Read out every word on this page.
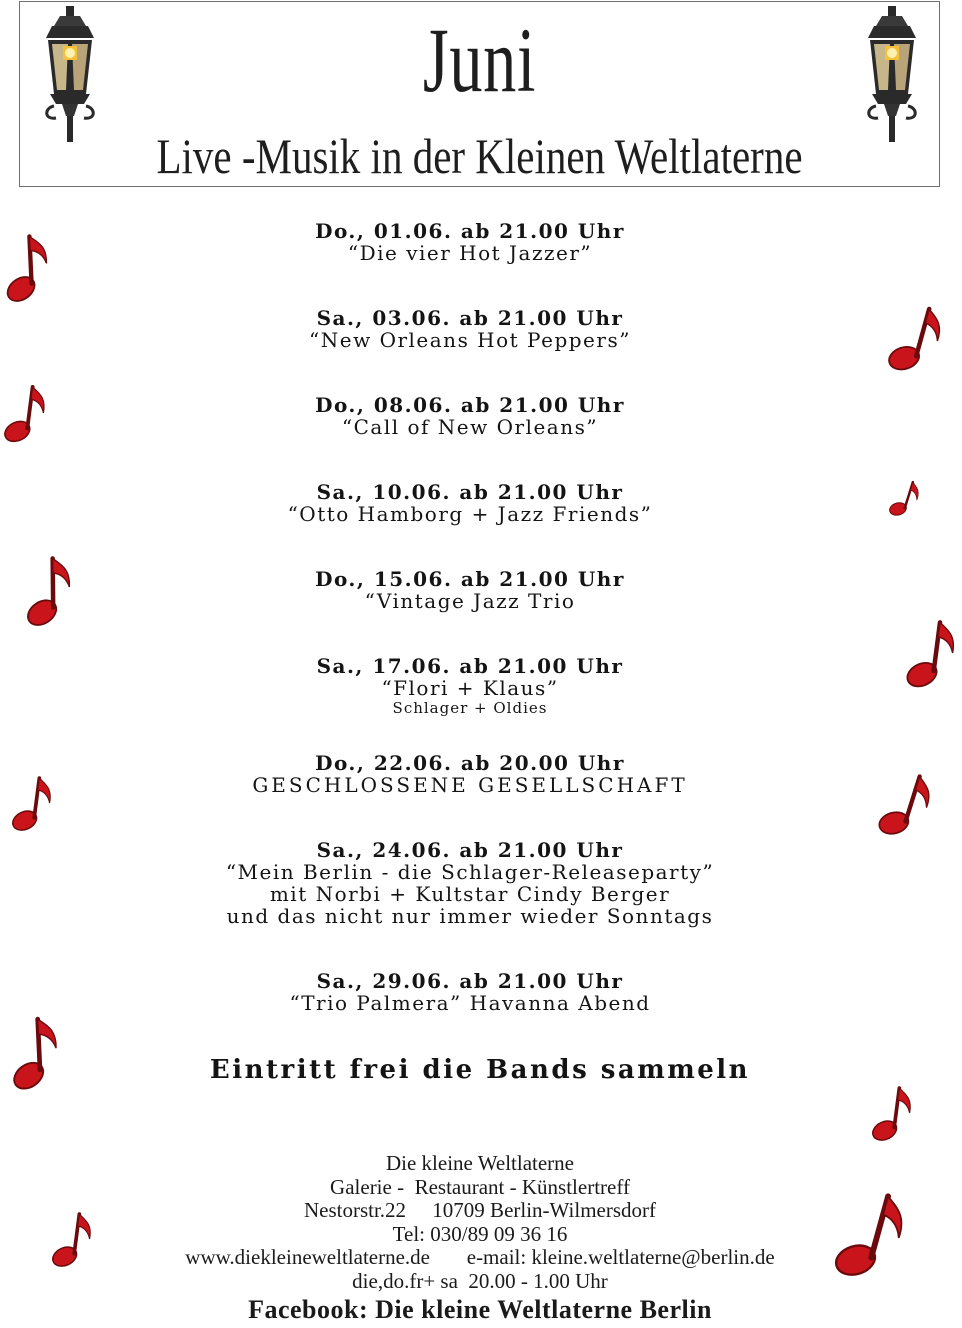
Juni
Live -Musik in der Kleinen Weltlaterne
Do., 01.06. ab 21.00 Uhr
“Die vier Hot Jazzer”
Sa., 03.06. ab 21.00 Uhr
“New Orleans Hot Peppers”
Do., 08.06. ab 21.00 Uhr
“Call of New Orleans”
Sa., 10.06. ab 21.00 Uhr
“Otto Hamborg + Jazz Friends”
Do., 15.06. ab 21.00 Uhr
“Vintage Jazz Trio
Sa., 17.06. ab 21.00 Uhr
“Flori + Klaus”
Schlager + Oldies
Do., 22.06. ab 20.00 Uhr
GESCHLOSSENE GESELLSCHAFT
Sa., 24.06. ab 21.00 Uhr
“Mein Berlin - die Schlager-Releaseparty”
mit Norbi + Kultstar Cindy Berger
und das nicht nur immer wieder Sonntags
Sa., 29.06. ab 21.00 Uhr
“Trio Palmera” Havanna Abend
Eintritt frei die Bands sammeln
Die kleine Weltlaterne
Galerie -  Restaurant - Künstlertreff
Nestorstr.22     10709 Berlin-Wilmersdorf
Tel: 030/89 09 36 16
www.diekleineweltlaterne.de       e-mail: kleine.weltlaterne@berlin.de
die,do.fr+ sa  20.00 - 1.00 Uhr
Facebook: Die kleine Weltlaterne Berlin
